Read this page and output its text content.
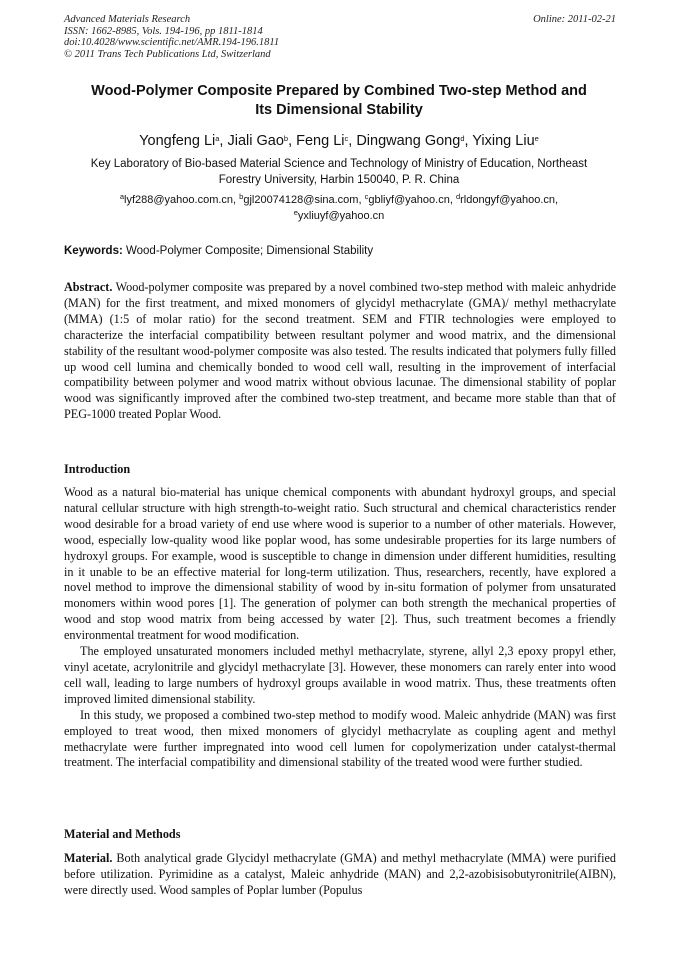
Advanced Materials Research
ISSN: 1662-8985, Vols. 194-196, pp 1811-1814
doi:10.4028/www.scientific.net/AMR.194-196.1811
© 2011 Trans Tech Publications Ltd, Switzerland
Online: 2011-02-21
Wood-Polymer Composite Prepared by Combined Two-step Method and
Its Dimensional Stability
Yongfeng Li$^a$, Jiali Gao$^b$, Feng Li$^c$, Dingwang Gong$^d$, Yixing Liu$^e$
Key Laboratory of Bio-based Material Science and Technology of Ministry of Education, Northeast
Forestry University, Harbin 150040, P. R. China
$^a$lyf288@yahoo.com.cn, $^b$gjl20074128@sina.com, $^c$gbliyf@yahoo.cn, $^d$rldongyf@yahoo.cn,
$^e$yxliuyf@yahoo.cn
Keywords: Wood-Polymer Composite; Dimensional Stability

Abstract. Wood-polymer composite was prepared by a novel combined two-step method with maleic anhydride (MAN) for the first treatment, and mixed monomers of glycidyl methacrylate (GMA)/ methyl methacrylate (MMA) (1:5 of molar ratio) for the second treatment. SEM and FTIR technologies were employed to characterize the interfacial compatibility between resultant polymer and wood matrix, and the dimensional stability of the resultant wood-polymer composite was also tested. The results indicated that polymers fully filled up wood cell lumina and chemically bonded to wood cell wall, resulting in the improvement of interfacial compatibility between polymer and wood matrix without obvious lacunae. The dimensional stability of poplar wood was significantly improved after the combined two-step treatment, and became more stable than that of PEG-1000 treated Poplar Wood.

Introduction

Wood as a natural bio-material has unique chemical components with abundant hydroxyl groups, and special natural cellular structure with high strength-to-weight ratio. Such structural and chemical characteristics render wood desirable for a broad variety of end use where wood is superior to a number of other materials. However, wood, especially low-quality wood like poplar wood, has some undesirable properties for its large numbers of hydroxyl groups. For example, wood is susceptible to change in dimension under different humidities, resulting in it unable to be an effective material for long-term utilization. Thus, researchers, recently, have explored a novel method to improve the dimensional stability of wood by in-situ formation of polymer from unsaturated monomers within wood pores [1]. The generation of polymer can both strength the mechanical properties of wood and stop wood matrix from being accessed by water [2]. Thus, such treatment becomes a friendly environmental treatment for wood modification.

The employed unsaturated monomers included methyl methacrylate, styrene, allyl 2,3 epoxy propyl ether, vinyl acetate, acrylonitrile and glycidyl methacrylate [3]. However, these monomers can rarely enter into wood cell wall, leading to large numbers of hydroxyl groups available in wood matrix. Thus, these treatments often improved limited dimensional stability.

In this study, we proposed a combined two-step method to modify wood. Maleic anhydride (MAN) was first employed to treat wood, then mixed monomers of glycidyl methacrylate as coupling agent and methyl methacrylate were further impregnated into wood cell lumen for copolymerization under catalyst-thermal treatment. The interfacial compatibility and dimensional stability of the treated wood were further studied.

Material and Methods

Material. Both analytical grade Glycidyl methacrylate (GMA) and methyl methacrylate (MMA) were purified before utilization. Pyrimidine as a catalyst, Maleic anhydride (MAN) and 2,2-azobisisobutyronitrile(AIBN), were directly used. Wood samples of Poplar lumber (Populus
